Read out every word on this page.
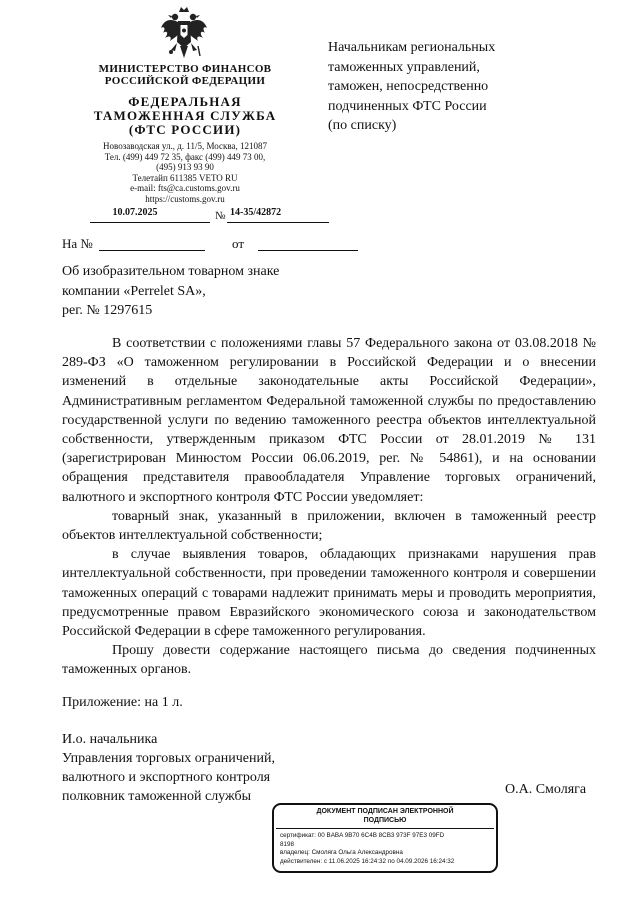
МИНИСТЕРСТВО ФИНАНСОВ
РОССИЙСКОЙ ФЕДЕРАЦИИ
ФЕДЕРАЛЬНАЯ
ТАМОЖЕННАЯ СЛУЖБА
(ФТС РОССИИ)
Новозаводская ул., д. 11/5, Москва, 121087
Тел. (499) 449 72 35, факс (499) 449 73 00,
(495) 913 93 90
Телетайп 611385 VETO RU
e-mail: fts@ca.customs.gov.ru
https://customs.gov.ru
10.07.2025	№ 14-35/42872
На №	от
Начальникам региональных
таможенных управлений,
таможен, непосредственно
подчиненных ФТС России
(по списку)
Об изобразительном товарном знаке
компании «Perrelet SA»,
рег. № 1297615

В соответствии с положениями главы 57 Федерального закона от 03.08.2018 № 289-ФЗ «О таможенном регулировании в Российской Федерации и о внесении изменений в отдельные законодательные акты Российской Федерации», Административным регламентом Федеральной таможенной службы по предоставлению государственной услуги по ведению таможенного реестра объектов интеллектуальной собственности, утвержденным приказом ФТС России от 28.01.2019 № 131 (зарегистрирован Минюстом России 06.06.2019, рег. № 54861), и на основании обращения представителя правообладателя Управление торговых ограничений, валютного и экспортного контроля ФТС России уведомляет:

товарный знак, указанный в приложении, включен в таможенный реестр объектов интеллектуальной собственности;

в случае выявления товаров, обладающих признаками нарушения прав интеллектуальной собственности, при проведении таможенного контроля и совершении таможенных операций с товарами надлежит принимать меры и проводить мероприятия, предусмотренные правом Евразийского экономического союза и законодательством Российской Федерации в сфере таможенного регулирования.

Прошу довести содержание настоящего письма до сведения подчиненных таможенных органов.

Приложение: на 1 л.
И.о. начальника
Управления торговых ограничений,
валютного и экспортного контроля
полковник таможенной службы	О.А. Смоляга
ДОКУМЕНТ ПОДПИСАН ЭЛЕКТРОННОЙ
ПОДПИСЬЮ
сертификат: 00 BABA 9B70 6C4B 8CB3 973F 97E3 09FD
8198
владелец: Смоляга Ольга Александровна
действителен: с 11.06.2025 16:24:32 по 04.09.2026 16:24:32
